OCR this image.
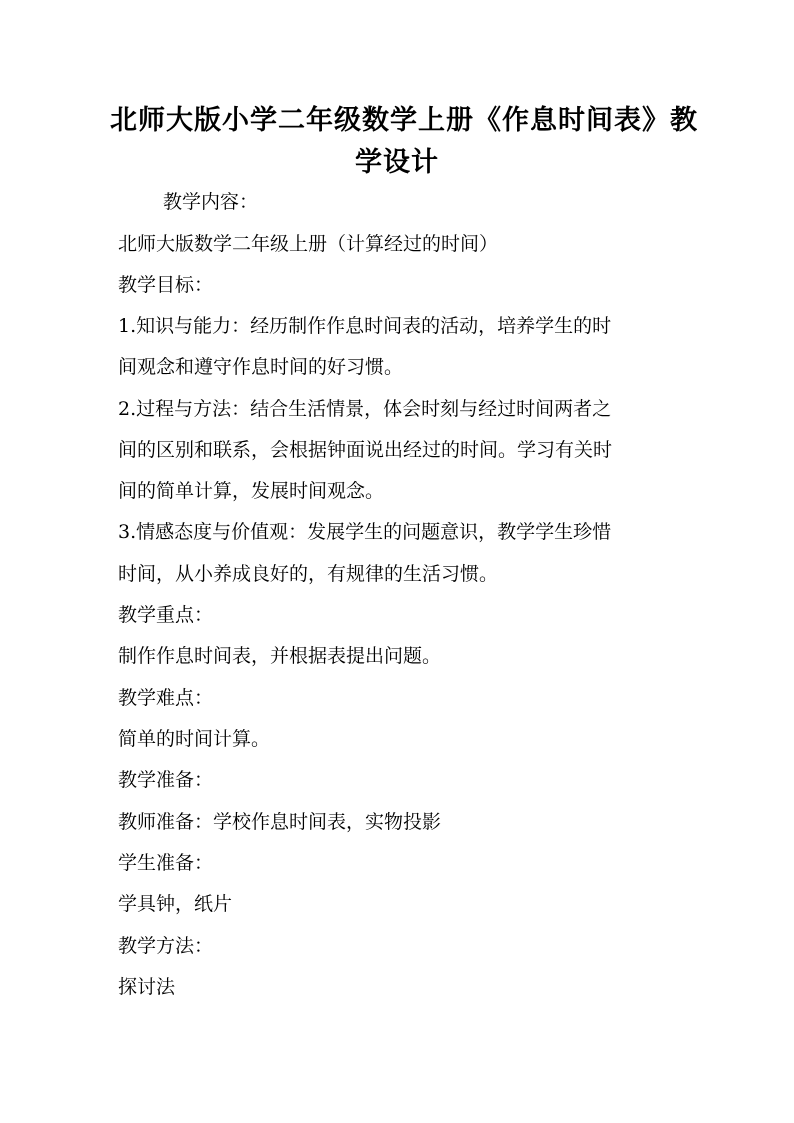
北师大版小学二年级数学上册《作息时间表》教
学设计
教学内容：
北师大版数学二年级上册（计算经过的时间）
教学目标：
1.知识与能力：经历制作作息时间表的活动，培养学生的时
间观念和遵守作息时间的好习惯。
2.过程与方法：结合生活情景，体会时刻与经过时间两者之
间的区别和联系，会根据钟面说出经过的时间。学习有关时
间的简单计算，发展时间观念。
3.情感态度与价值观：发展学生的问题意识，教学学生珍惜
时间，从小养成良好的，有规律的生活习惯。
教学重点：
制作作息时间表，并根据表提出问题。
教学难点：
简单的时间计算。
教学准备：
教师准备：学校作息时间表，实物投影
学生准备：
学具钟，纸片
教学方法：
探讨法
